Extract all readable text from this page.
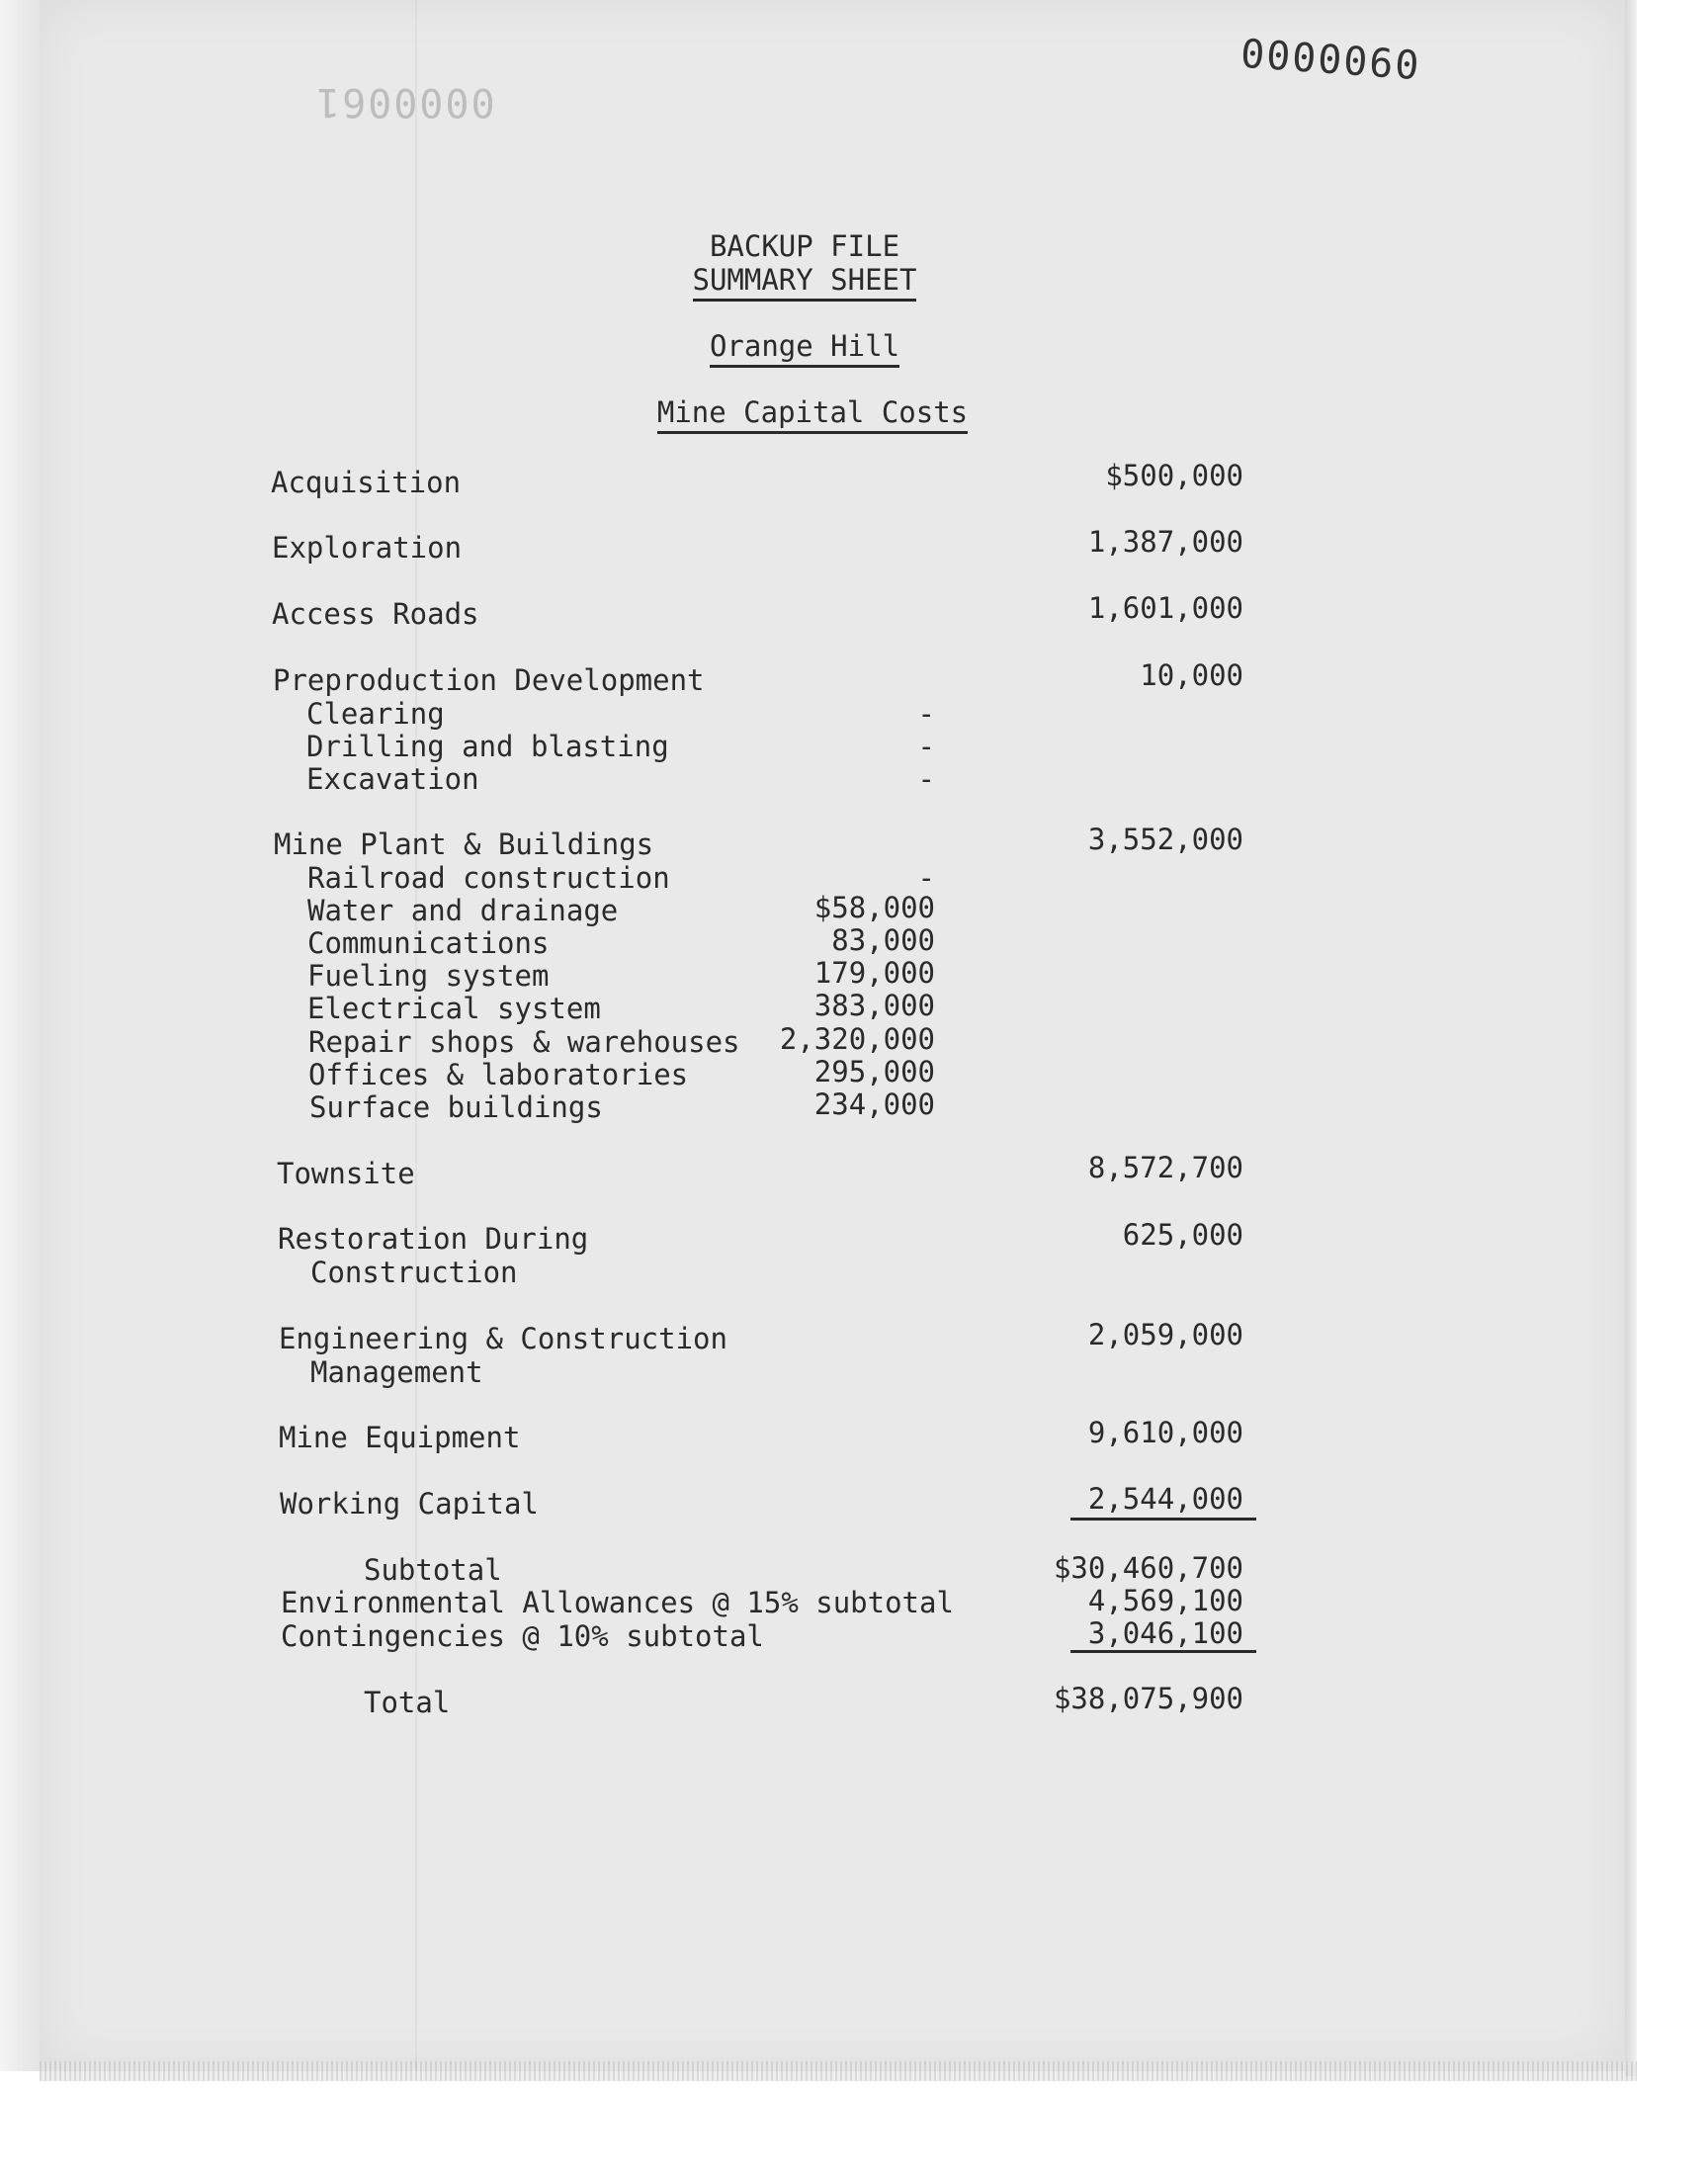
0000060
0000061
BACKUP FILE
SUMMARY SHEET
Orange Hill
Mine Capital Costs
Acquisition	$500,000
Exploration	1,387,000
Access Roads	1,601,000
Preproduction Development	10,000
Clearing	-
Drilling and blasting	-
Excavation	-
Mine Plant & Buildings	3,552,000
Railroad construction	-
Water and drainage	$58,000
Communications	83,000
Fueling system	179,000
Electrical system	383,000
Repair shops & warehouses 2,320,000
Offices & laboratories	295,000
Surface buildings	234,000
Townsite	8,572,700
Restoration During
Construction
625,000
Engineering & Construction
Management
2,059,000
Mine Equipment	9,610,000
Working Capital	2,544,000
Subtotal	$30,460,700
Environmental Allowances @ 15% subtotal	4,569,100
Contingencies @ 10% subtotal	3,046,100
Total	$38,075,900
